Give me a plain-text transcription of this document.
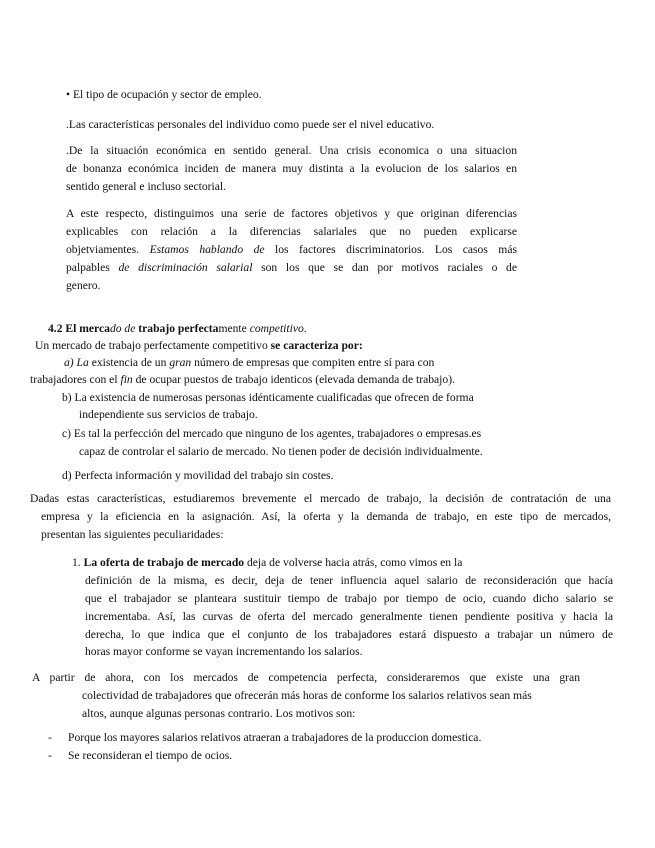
• El tipo de ocupación y sector de empleo.
.Las características personales del individuo como puede ser el nivel educativo.
.De la situación económica en sentido general. Una crisis economica o una situacion
de bonanza económica inciden de manera muy distinta a la evolucion de los salarios en
sentido general e incluso sectorial.
A este respecto, distinguimos una serie de factores objetivos y que originan diferencias
explicables con relación a la diferencias salariales que no pueden explicarse
objetviamentes. Estamos hablando de los factores discriminatorios. Los casos más
palpables de discriminación salarial son los que se dan por motivos raciales o de
genero.
4.2 El mercado de trabajo perfectamente competitivo.
Un mercado de trabajo perfectamente competitivo se caracteriza por:
a) La existencia de un gran número de empresas que compiten entre sí para con
trabajadores con el fin de ocupar puestos de trabajo identicos (elevada demanda de trabajo).
b) La existencia de numerosas personas idénticamente cualificadas que ofrecen de forma
independiente sus servicios de trabajo.
c) Es tal la perfección del mercado que ninguno de los agentes, trabajadores o empresas.es
capaz de controlar el salario de mercado. No tienen poder de decisión individualmente.
d) Perfecta información y movilidad del trabajo sin costes.
Dadas estas características, estudiaremos brevemente el mercado de trabajo, la decisión de contratación de una
empresa y la eficiencia en la asignación. Así, la oferta y la demanda de trabajo, en este tipo de mercados,
presentan las siguientes peculiaridades:
1. La oferta de trabajo de mercado deja de volverse hacia atrás, como vimos en la
definición de la misma, es decir, deja de tener influencia aquel salario de reconsideración que hacía
que el trabajador se planteara sustituir tiempo de trabajo por tiempo de ocio, cuando dicho salario se
incrementaba. Así, las curvas de oferta del mercado generalmente tienen pendiente positiva y hacia la
derecha, lo que indica que el conjunto de los trabajadores estará dispuesto a trabajar un número de
horas mayor conforme se vayan incrementando los salarios.
A partir de ahora, con los mercados de competencia perfecta, consideraremos que existe una gran
colectividad de trabajadores que ofrecerán más horas de conforme los salarios relativos sean más
altos, aunque algunas personas contrario. Los motivos son:
- Porque los mayores salarios relativos atraeran a trabajadores de la produccion domestica.
- Se reconsideran el tiempo de ocios.
